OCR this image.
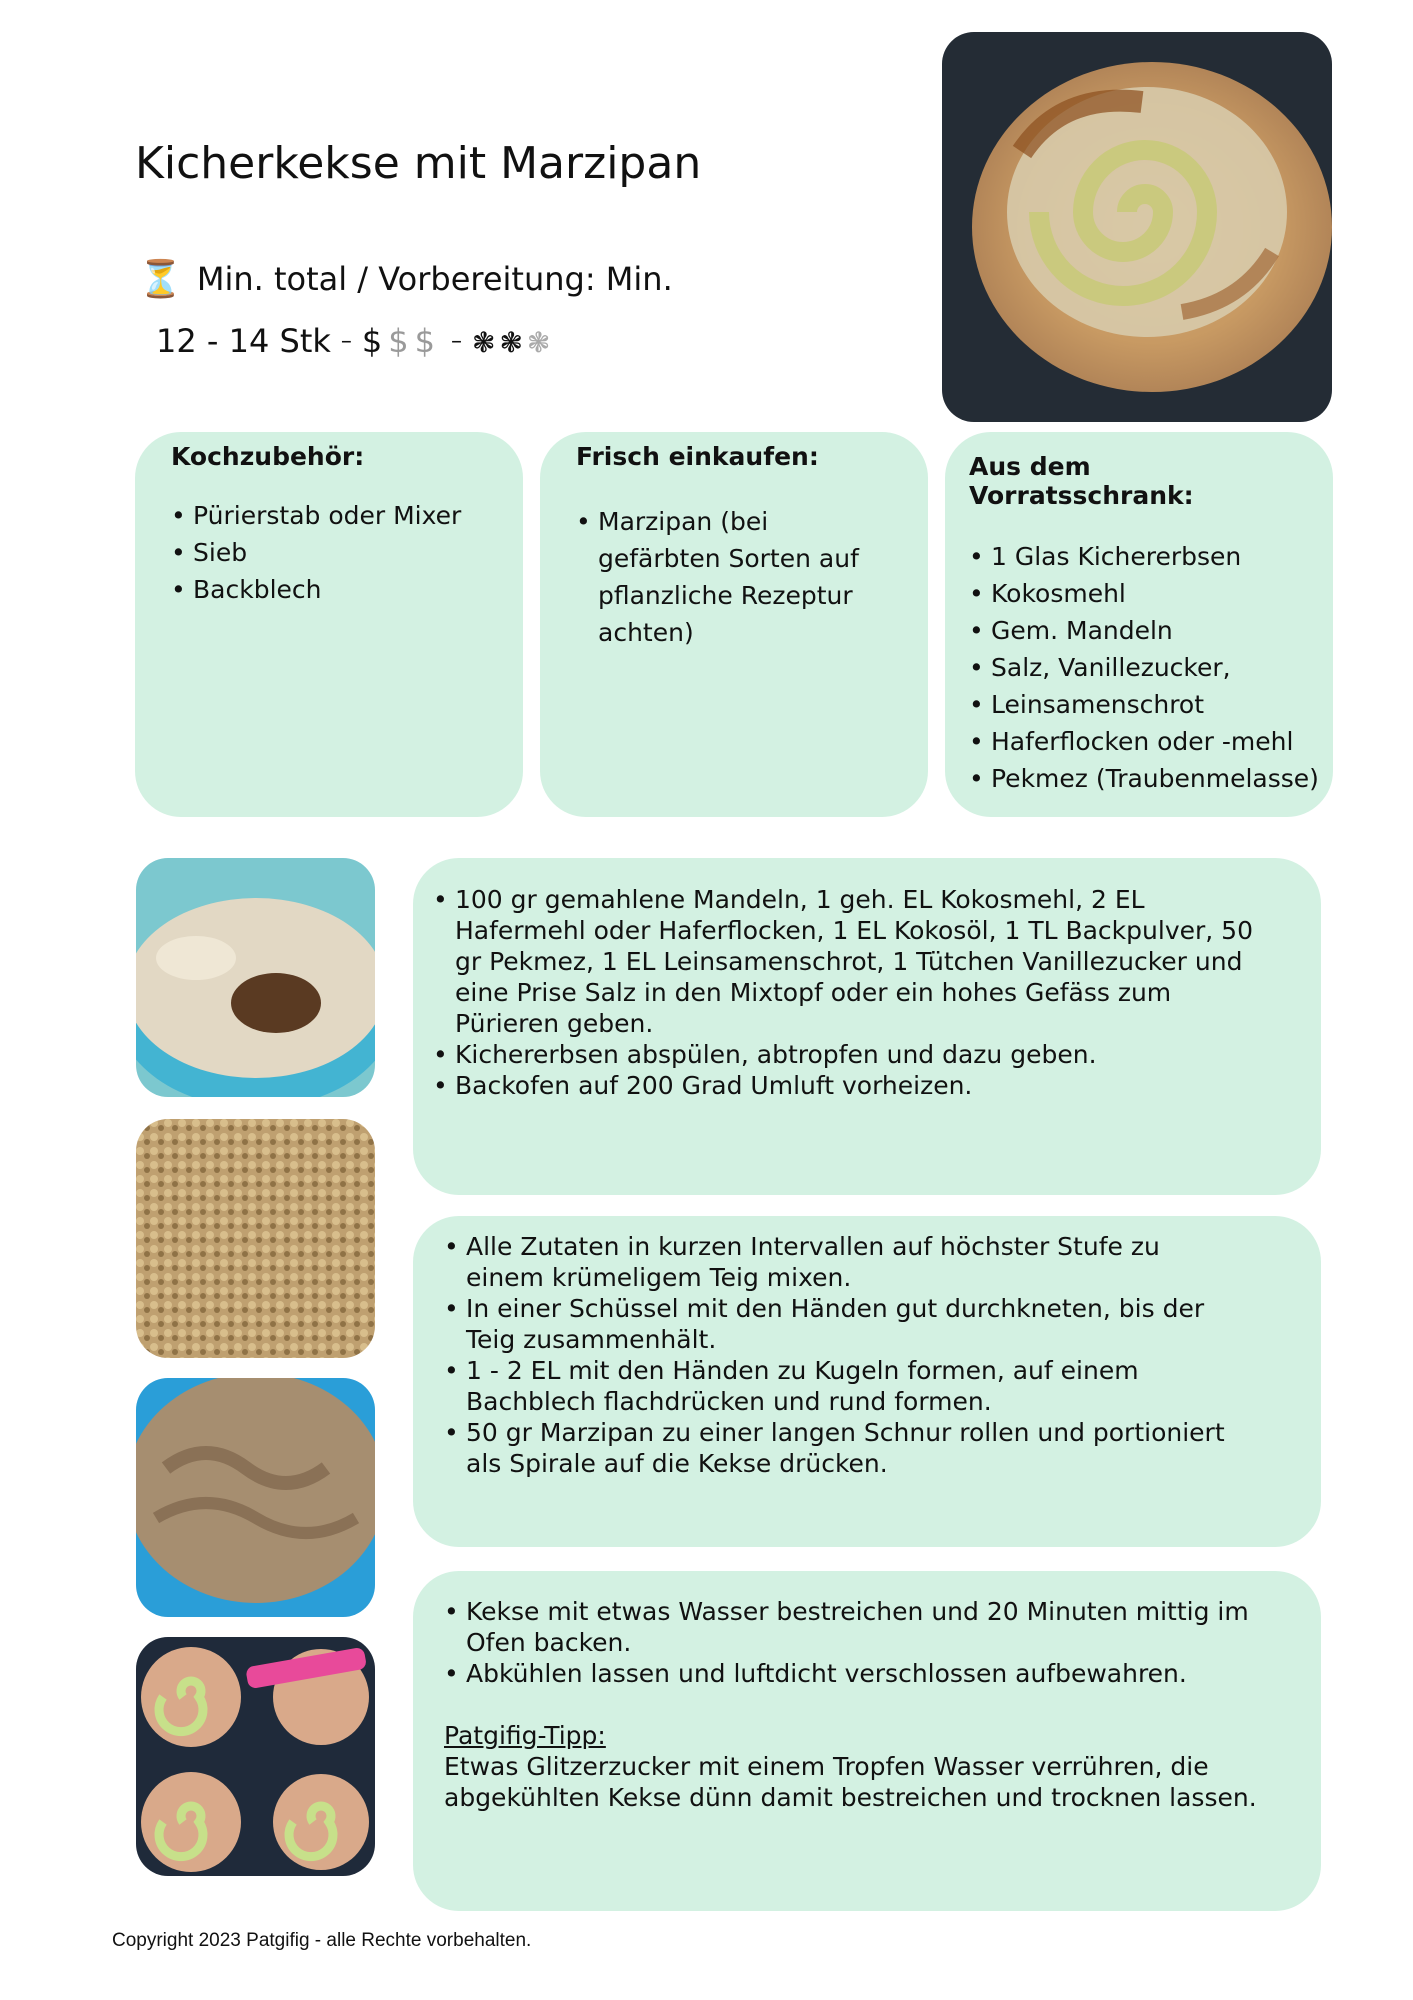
Kicherkekse mit Marzipan
⏳ Min. total / Vorbereitung: Min.
12 - 14 Stk – $ $ $ – ❃ ❃ ❃

Kochzubehör:

• Pürierstab oder Mixer
• Sieb
• Backblech

Frisch einkaufen:

• Marzipan (bei gefärbten Sorten auf pflanzliche Rezeptur achten)

Aus dem Vorratsschrank:

• 1 Glas Kichererbsen
• Kokosmehl
• Gem. Mandeln
• Salz, Vanillezucker,
• Leinsamenschrot
• Haferflocken oder -mehl
• Pekmez (Traubenmelasse)
• 100 gr gemahlene Mandeln, 1 geh. EL Kokosmehl, 2 EL Hafermehl oder Haferflocken, 1 EL Kokosöl, 1 TL Backpulver, 50 gr Pekmez, 1 EL Leinsamenschrot, 1 Tütchen Vanillezucker und eine Prise Salz in den Mixtopf oder ein hohes Gefäss zum Pürieren geben.
• Kichererbsen abspülen, abtropfen und dazu geben.
• Backofen auf 200 Grad Umluft vorheizen.
• Alle Zutaten in kurzen Intervallen auf höchster Stufe zu einem krümeligem Teig mixen.
• In einer Schüssel mit den Händen gut durchkneten, bis der Teig zusammenhält.
• 1 - 2 EL mit den Händen zu Kugeln formen, auf einem Bachblech flachdrücken und rund formen.
• 50 gr Marzipan zu einer langen Schnur rollen und portioniert als Spirale auf die Kekse drücken.
• Kekse mit etwas Wasser bestreichen und 20 Minuten mittig im Ofen backen.
• Abkühlen lassen und luftdicht verschlossen aufbewahren.
Patgifig-Tipp:
Etwas Glitzerzucker mit einem Tropfen Wasser verrühren, die abgekühlten Kekse dünn damit bestreichen und trocknen lassen.
Copyright 2023 Patgifig - alle Rechte vorbehalten.
